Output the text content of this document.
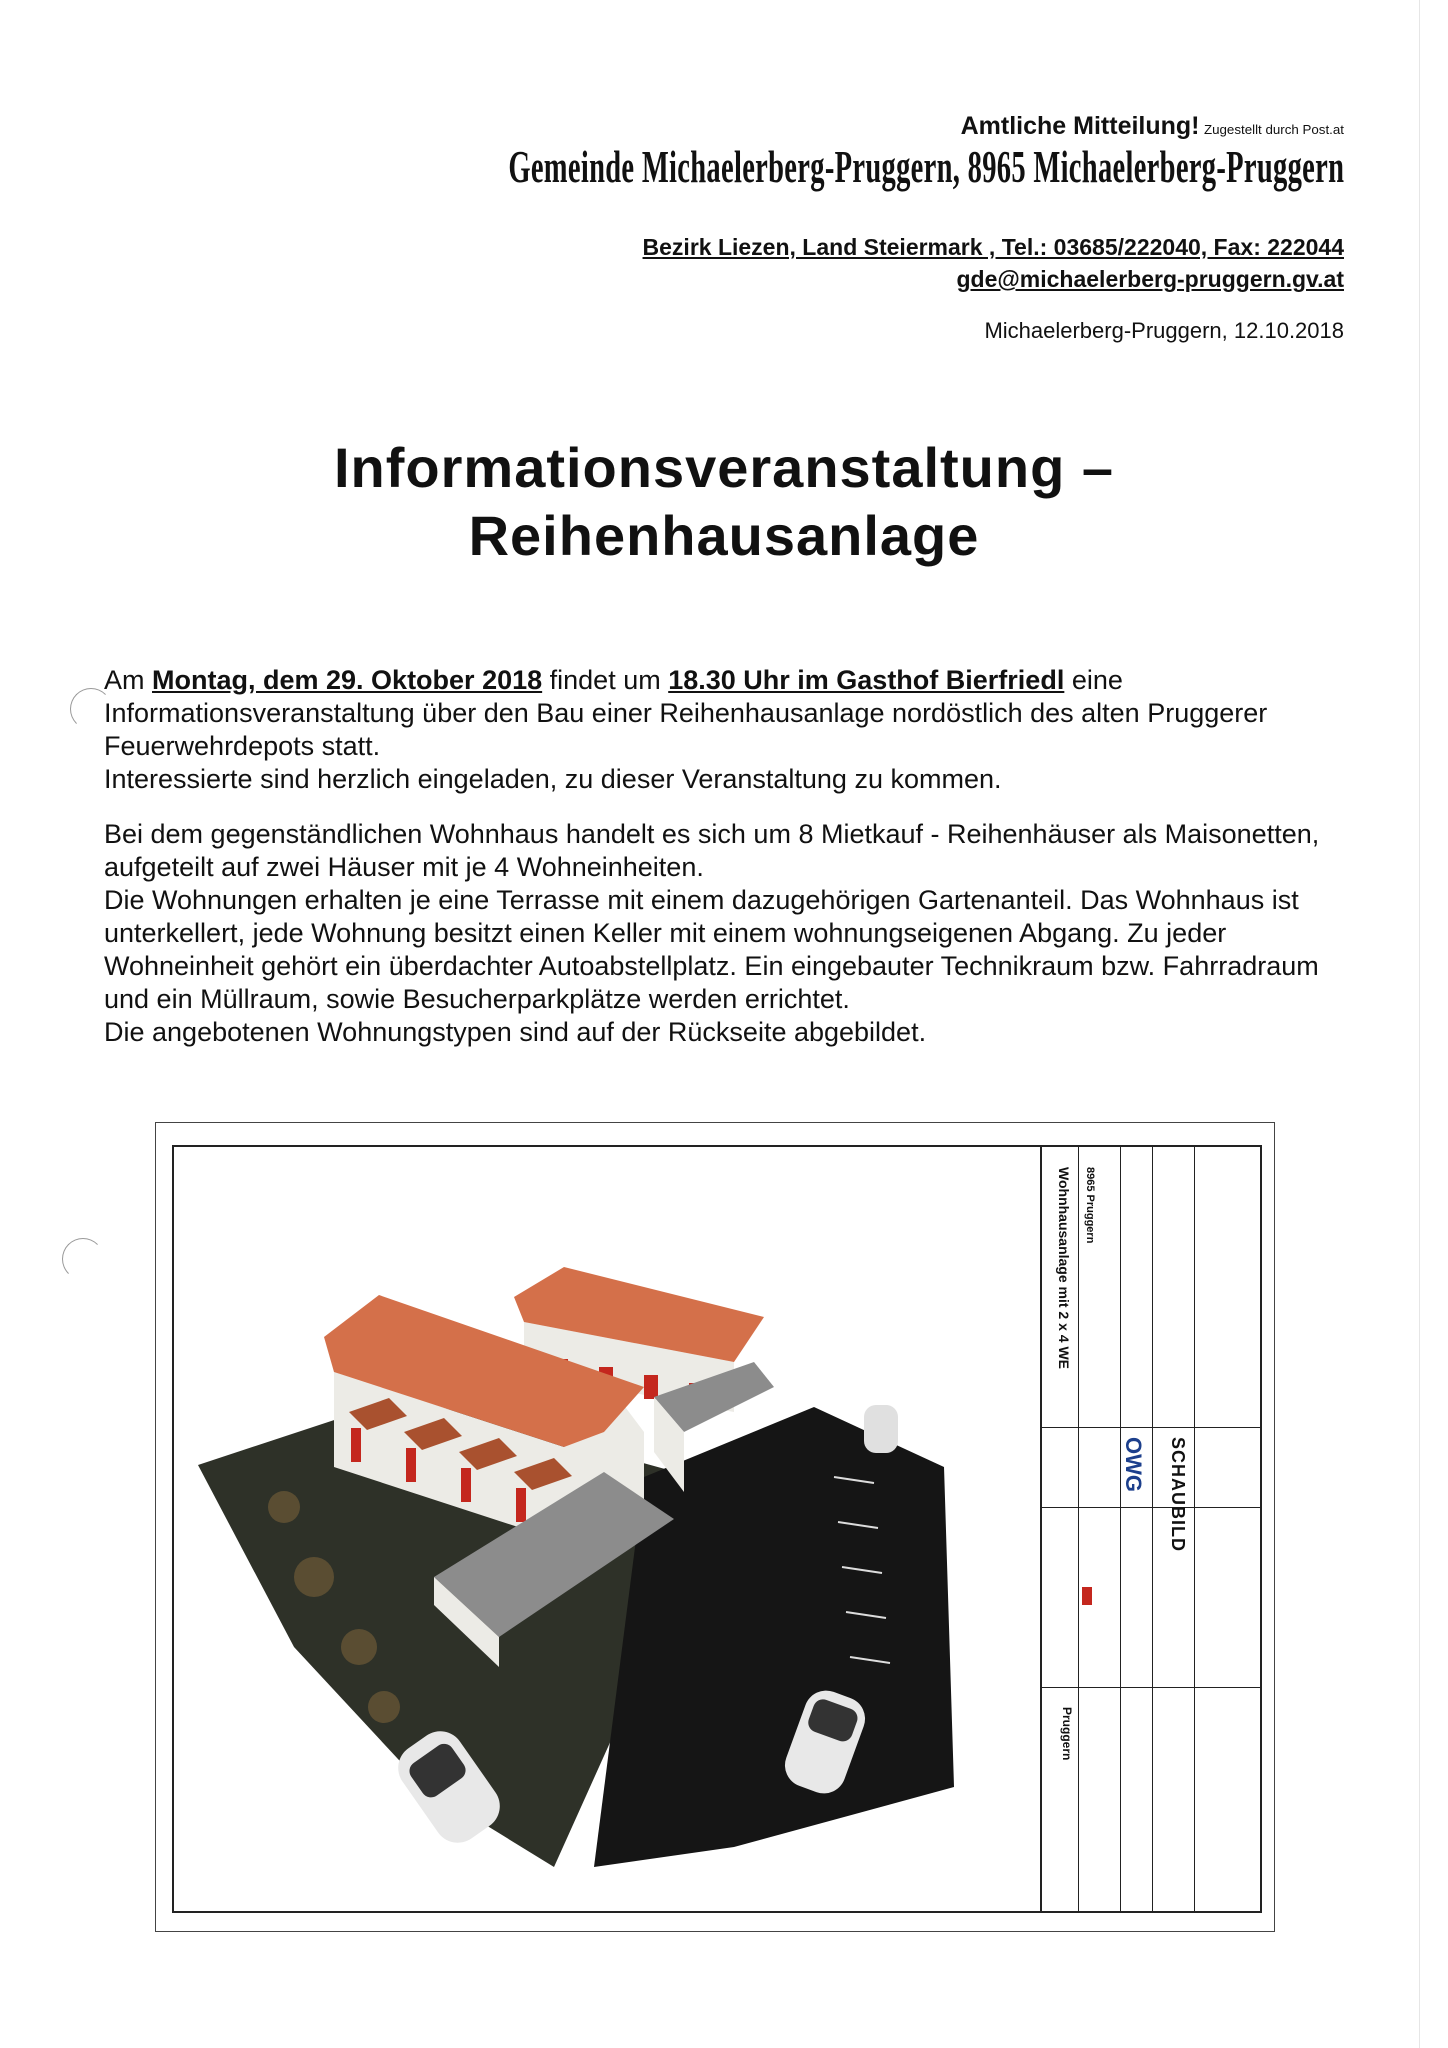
Amtliche Mitteilung! Zugestellt durch Post.at
Gemeinde Michaelerberg-Pruggern, 8965 Michaelerberg-Pruggern
Bezirk Liezen, Land Steiermark , Tel.: 03685/222040, Fax: 222044
gde@michaelerberg-pruggern.gv.at
Michaelerberg-Pruggern, 12.10.2018
Informationsveranstaltung –
Reihenhausanlage

Am Montag, dem 29. Oktober 2018 findet um 18.30 Uhr im Gasthof Bierfriedl eine Informationsveranstaltung über den Bau einer Reihenhausanlage nordöstlich des alten Pruggerer Feuerwehrdepots statt.

Interessierte sind herzlich eingeladen, zu dieser Veranstaltung zu kommen.

Bei dem gegenständlichen Wohnhaus handelt es sich um 8 Mietkauf - Reihenhäuser als Maisonetten, aufgeteilt auf zwei Häuser mit je 4 Wohneinheiten.

Die Wohnungen erhalten je eine Terrasse mit einem dazugehörigen Gartenanteil. Das Wohnhaus ist unterkellert, jede Wohnung besitzt einen Keller mit einem wohnungseigenen Abgang. Zu jeder Wohneinheit gehört ein überdachter Autoabstellplatz. Ein eingebauter Technikraum bzw. Fahrradraum und ein Müllraum, sowie Besucherparkplätze werden errichtet.

Die angebotenen Wohnungstypen sind auf der Rückseite abgebildet.

Wohnhausanlage mit 2 x 4 WE 8965 Pruggern
OWG SCHAUBILD
Pruggern
